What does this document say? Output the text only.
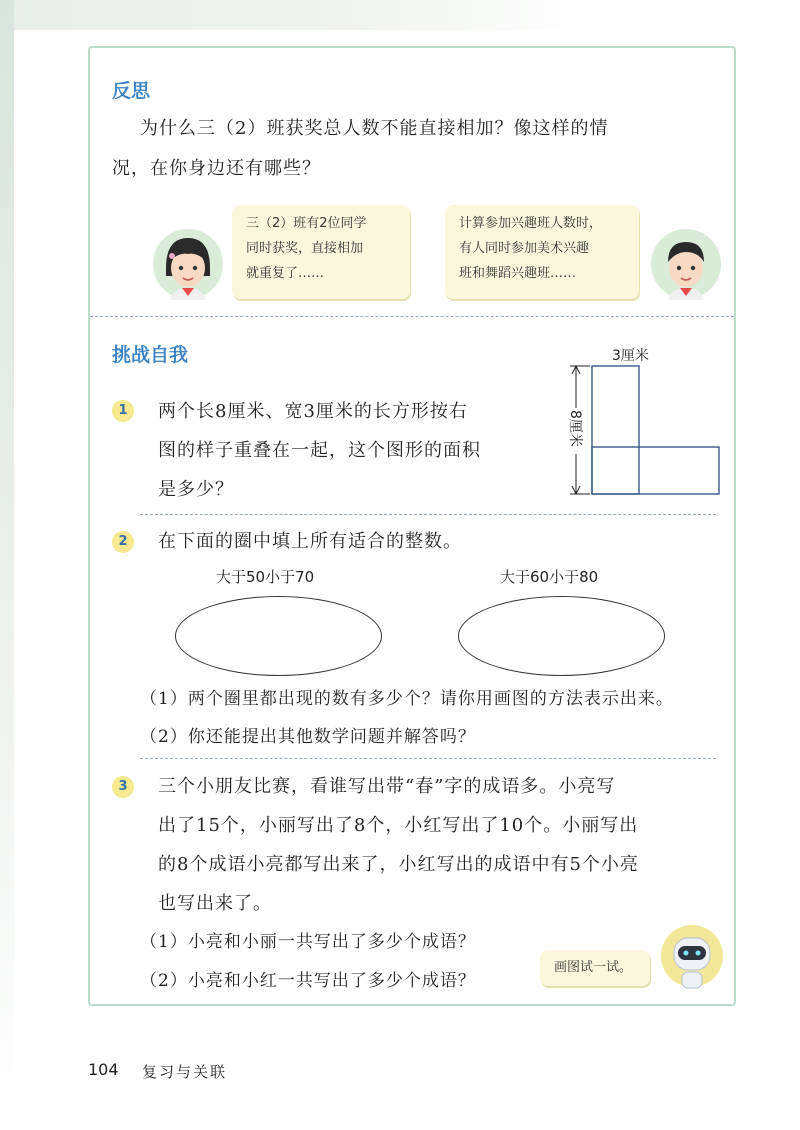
反思
为什么三（2）班获奖总人数不能直接相加？像这样的情
况，在你身边还有哪些？
三（2）班有2位同学
同时获奖，直接相加
就重复了……
计算参加兴趣班人数时，
有人同时参加美术兴趣
班和舞蹈兴趣班……
挑战自我
1	两个长8厘米、宽3厘米的长方形按右
图的样子重叠在一起，这个图形的面积
是多少？
3厘米
8厘米
2	在下面的圈中填上所有适合的整数。
大于50小于70	大于60小于80
（1）两个圈里都出现的数有多少个？请你用画图的方法表示出来。
（2）你还能提出其他数学问题并解答吗？
3	三个小朋友比赛，看谁写出带“春”字的成语多。小亮写
出了15个，小丽写出了8个，小红写出了10个。小丽写出
的8个成语小亮都写出来了，小红写出的成语中有5个小亮
也写出来了。
（1）小亮和小丽一共写出了多少个成语？
（2）小亮和小红一共写出了多少个成语？
画图试一试。
104 复习与关联
